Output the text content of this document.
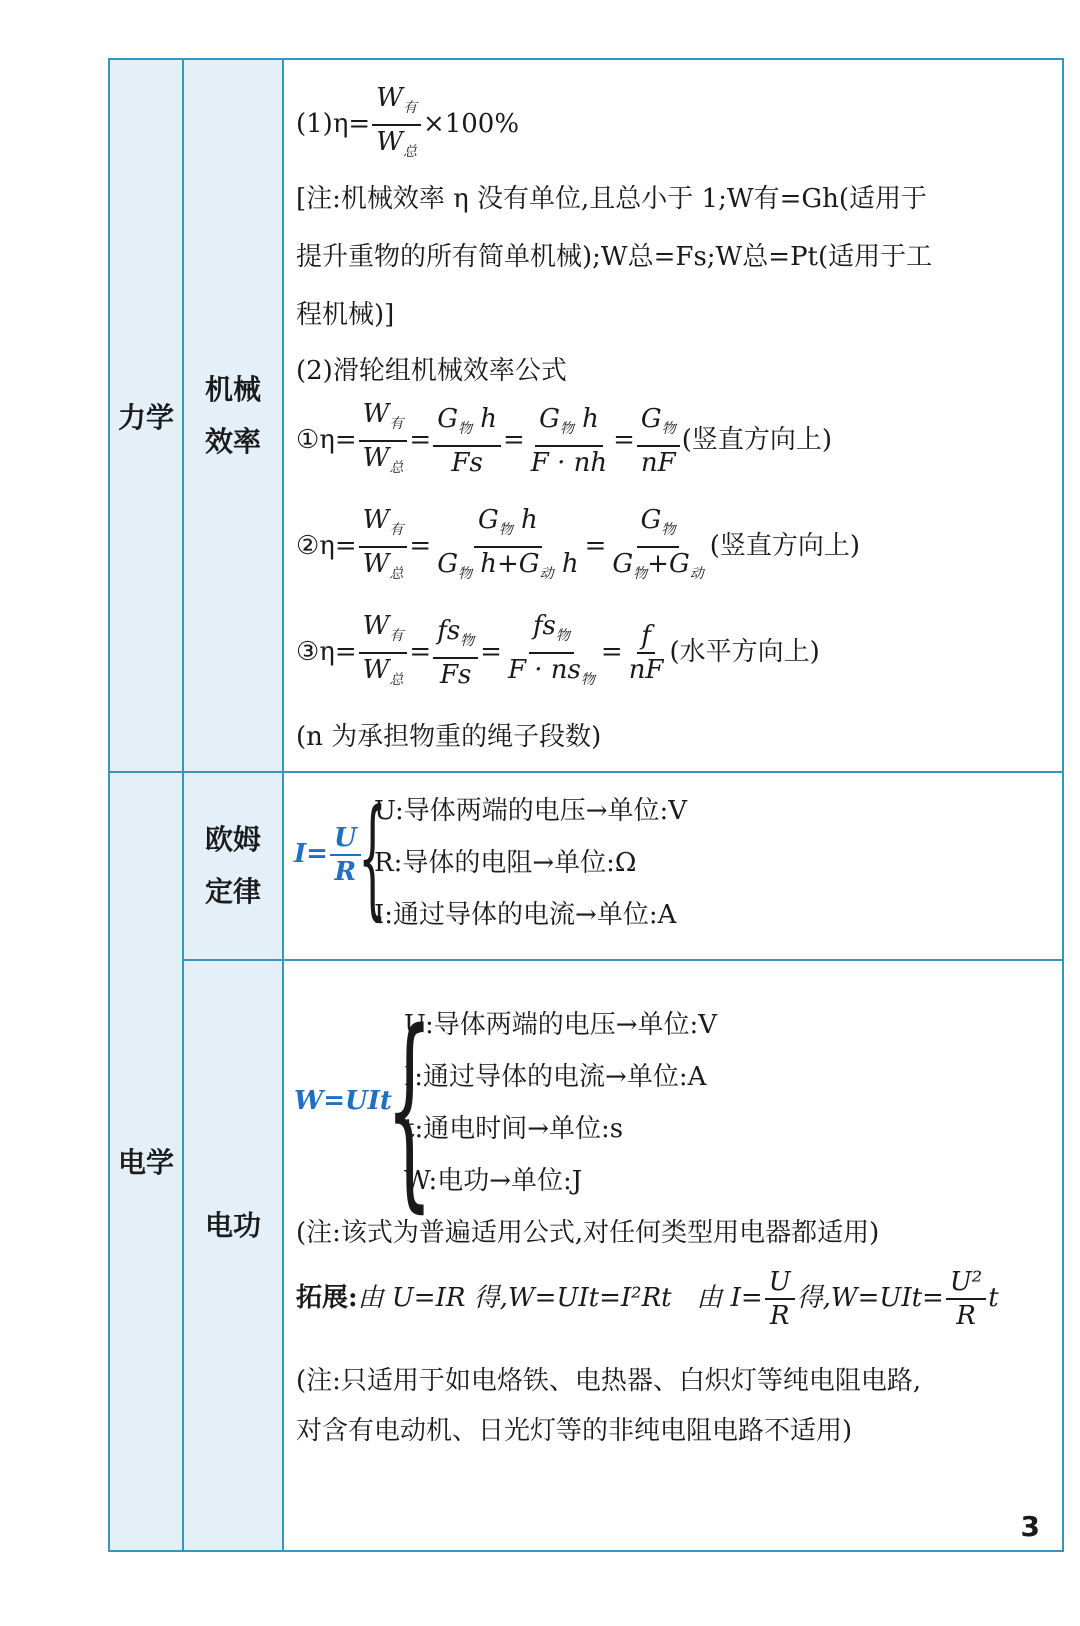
力学
电学
机械
效率
欧姆
定律
电功
$(1)\eta= \frac{W_有}{W_总} \times 100\%$
[注:机械效率 η 没有单位,且总小于 1;W有=Gh(适用于
提升重物的所有简单机械);W总=Fs;W总=Pt(适用于工
程机械)]
(2)滑轮组机械效率公式
①η= $\frac{W_有}{W_总} = \frac{G_物 h}{Fs} = \frac{G_物 h}{F \cdot nh} = \frac{G_物}{nF}$ (竖直方向上)
②η= $\frac{W_有}{W_总} = \frac{G_物 h}{G_物 h+G_动 h} = \frac{G_物}{G_物+G_动}$ (竖直方向上)
③η= $\frac{W_有}{W_总} = \frac{fs_物}{Fs} = \frac{fs_物}{F \cdot ns_物} = \frac{f}{nF}$ (水平方向上)
(n 为承担物重的绳子段数)
$I= \frac{U}{R}$
{
U:导体两端的电压→单位:V
R:导体的电阻→单位:Ω
I:通过导体的电流→单位:A
W=UIt
{
U:导体两端的电压→单位:V
I:通过导体的电流→单位:A
t:通电时间→单位:s
W:电功→单位:J
(注:该式为普遍适用公式,对任何类型用电器都适用)
拓展:由 U=IR 得,W=UIt=I²Rt 由 $I= \frac{U}{R}$ 得$,W=UIt= \frac{\text{U²}}{R}$ t
(注:只适用于如电烙铁、电热器、白炽灯等纯电阻电路,
对含有电动机、日光灯等的非纯电阻电路不适用)
3
